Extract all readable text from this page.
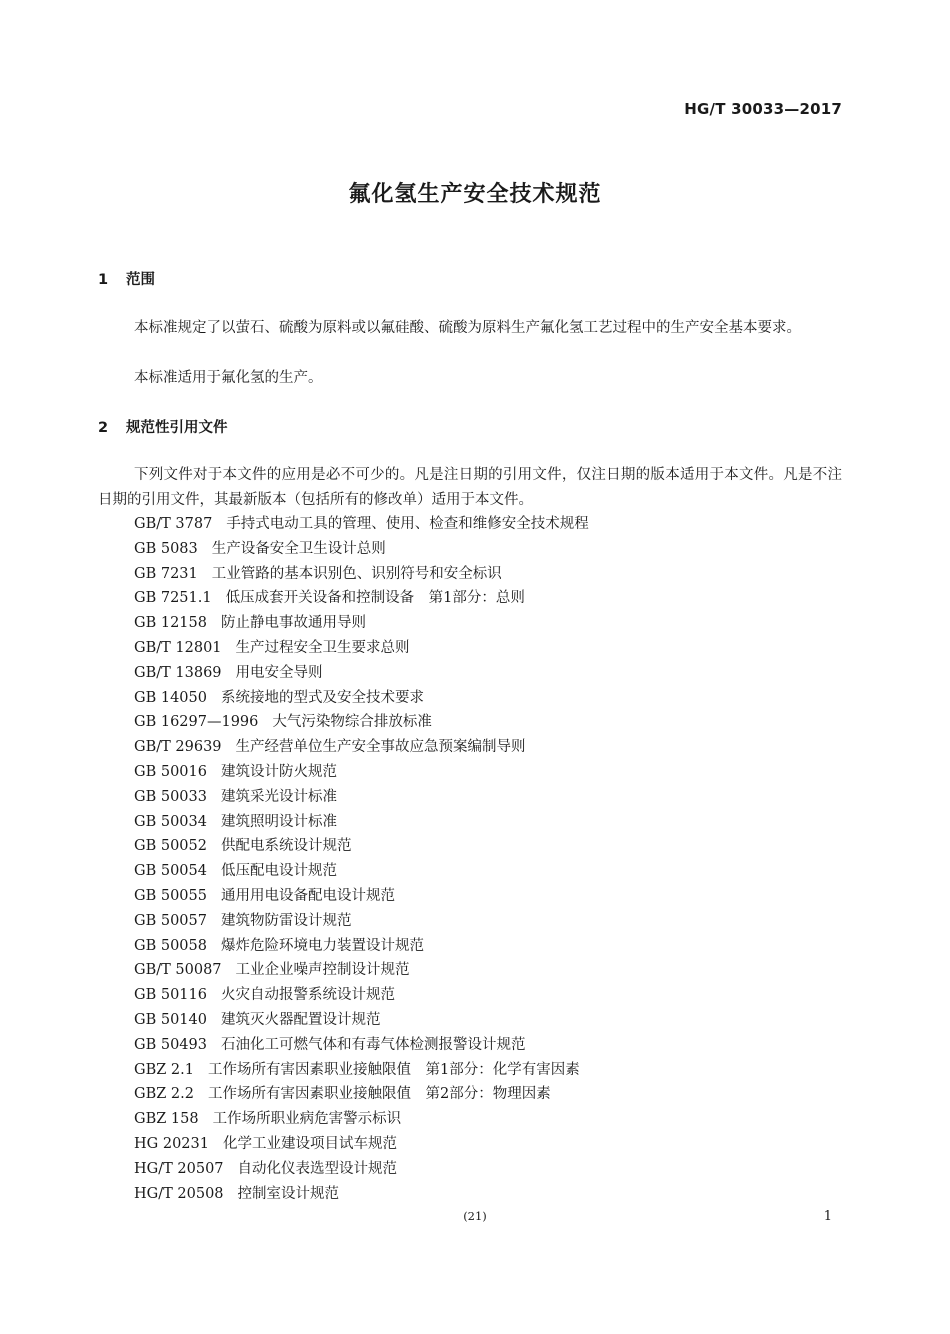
HG/T 30033—2017
氟化氢生产安全技术规范
1 范围

本标准规定了以萤石、硫酸为原料或以氟硅酸、硫酸为原料生产氟化氢工艺过程中的生产安全基本要求。

本标准适用于氟化氢的生产。

2 规范性引用文件

下列文件对于本文件的应用是必不可少的。凡是注日期的引用文件，仅注日期的版本适用于本文件。凡是不注日期的引用文件，其最新版本（包括所有的修改单）适用于本文件。

GB/T 3787 手持式电动工具的管理、使用、检查和维修安全技术规程
GB 5083 生产设备安全卫生设计总则
GB 7231 工业管路的基本识别色、识别符号和安全标识
GB 7251.1 低压成套开关设备和控制设备　第1部分：总则
GB 12158 防止静电事故通用导则
GB/T 12801 生产过程安全卫生要求总则
GB/T 13869 用电安全导则
GB 14050 系统接地的型式及安全技术要求
GB 16297—1996 大气污染物综合排放标准
GB/T 29639 生产经营单位生产安全事故应急预案编制导则
GB 50016 建筑设计防火规范
GB 50033 建筑采光设计标准
GB 50034 建筑照明设计标准
GB 50052 供配电系统设计规范
GB 50054 低压配电设计规范
GB 50055 通用用电设备配电设计规范
GB 50057 建筑物防雷设计规范
GB 50058 爆炸危险环境电力装置设计规范
GB/T 50087 工业企业噪声控制设计规范
GB 50116 火灾自动报警系统设计规范
GB 50140 建筑灭火器配置设计规范
GB 50493 石油化工可燃气体和有毒气体检测报警设计规范
GBZ 2.1 工作场所有害因素职业接触限值　第1部分：化学有害因素
GBZ 2.2 工作场所有害因素职业接触限值　第2部分：物理因素
GBZ 158 工作场所职业病危害警示标识
HG 20231 化学工业建设项目试车规范
HG/T 20507 自动化仪表选型设计规范
HG/T 20508 控制室设计规范
(21)	1
